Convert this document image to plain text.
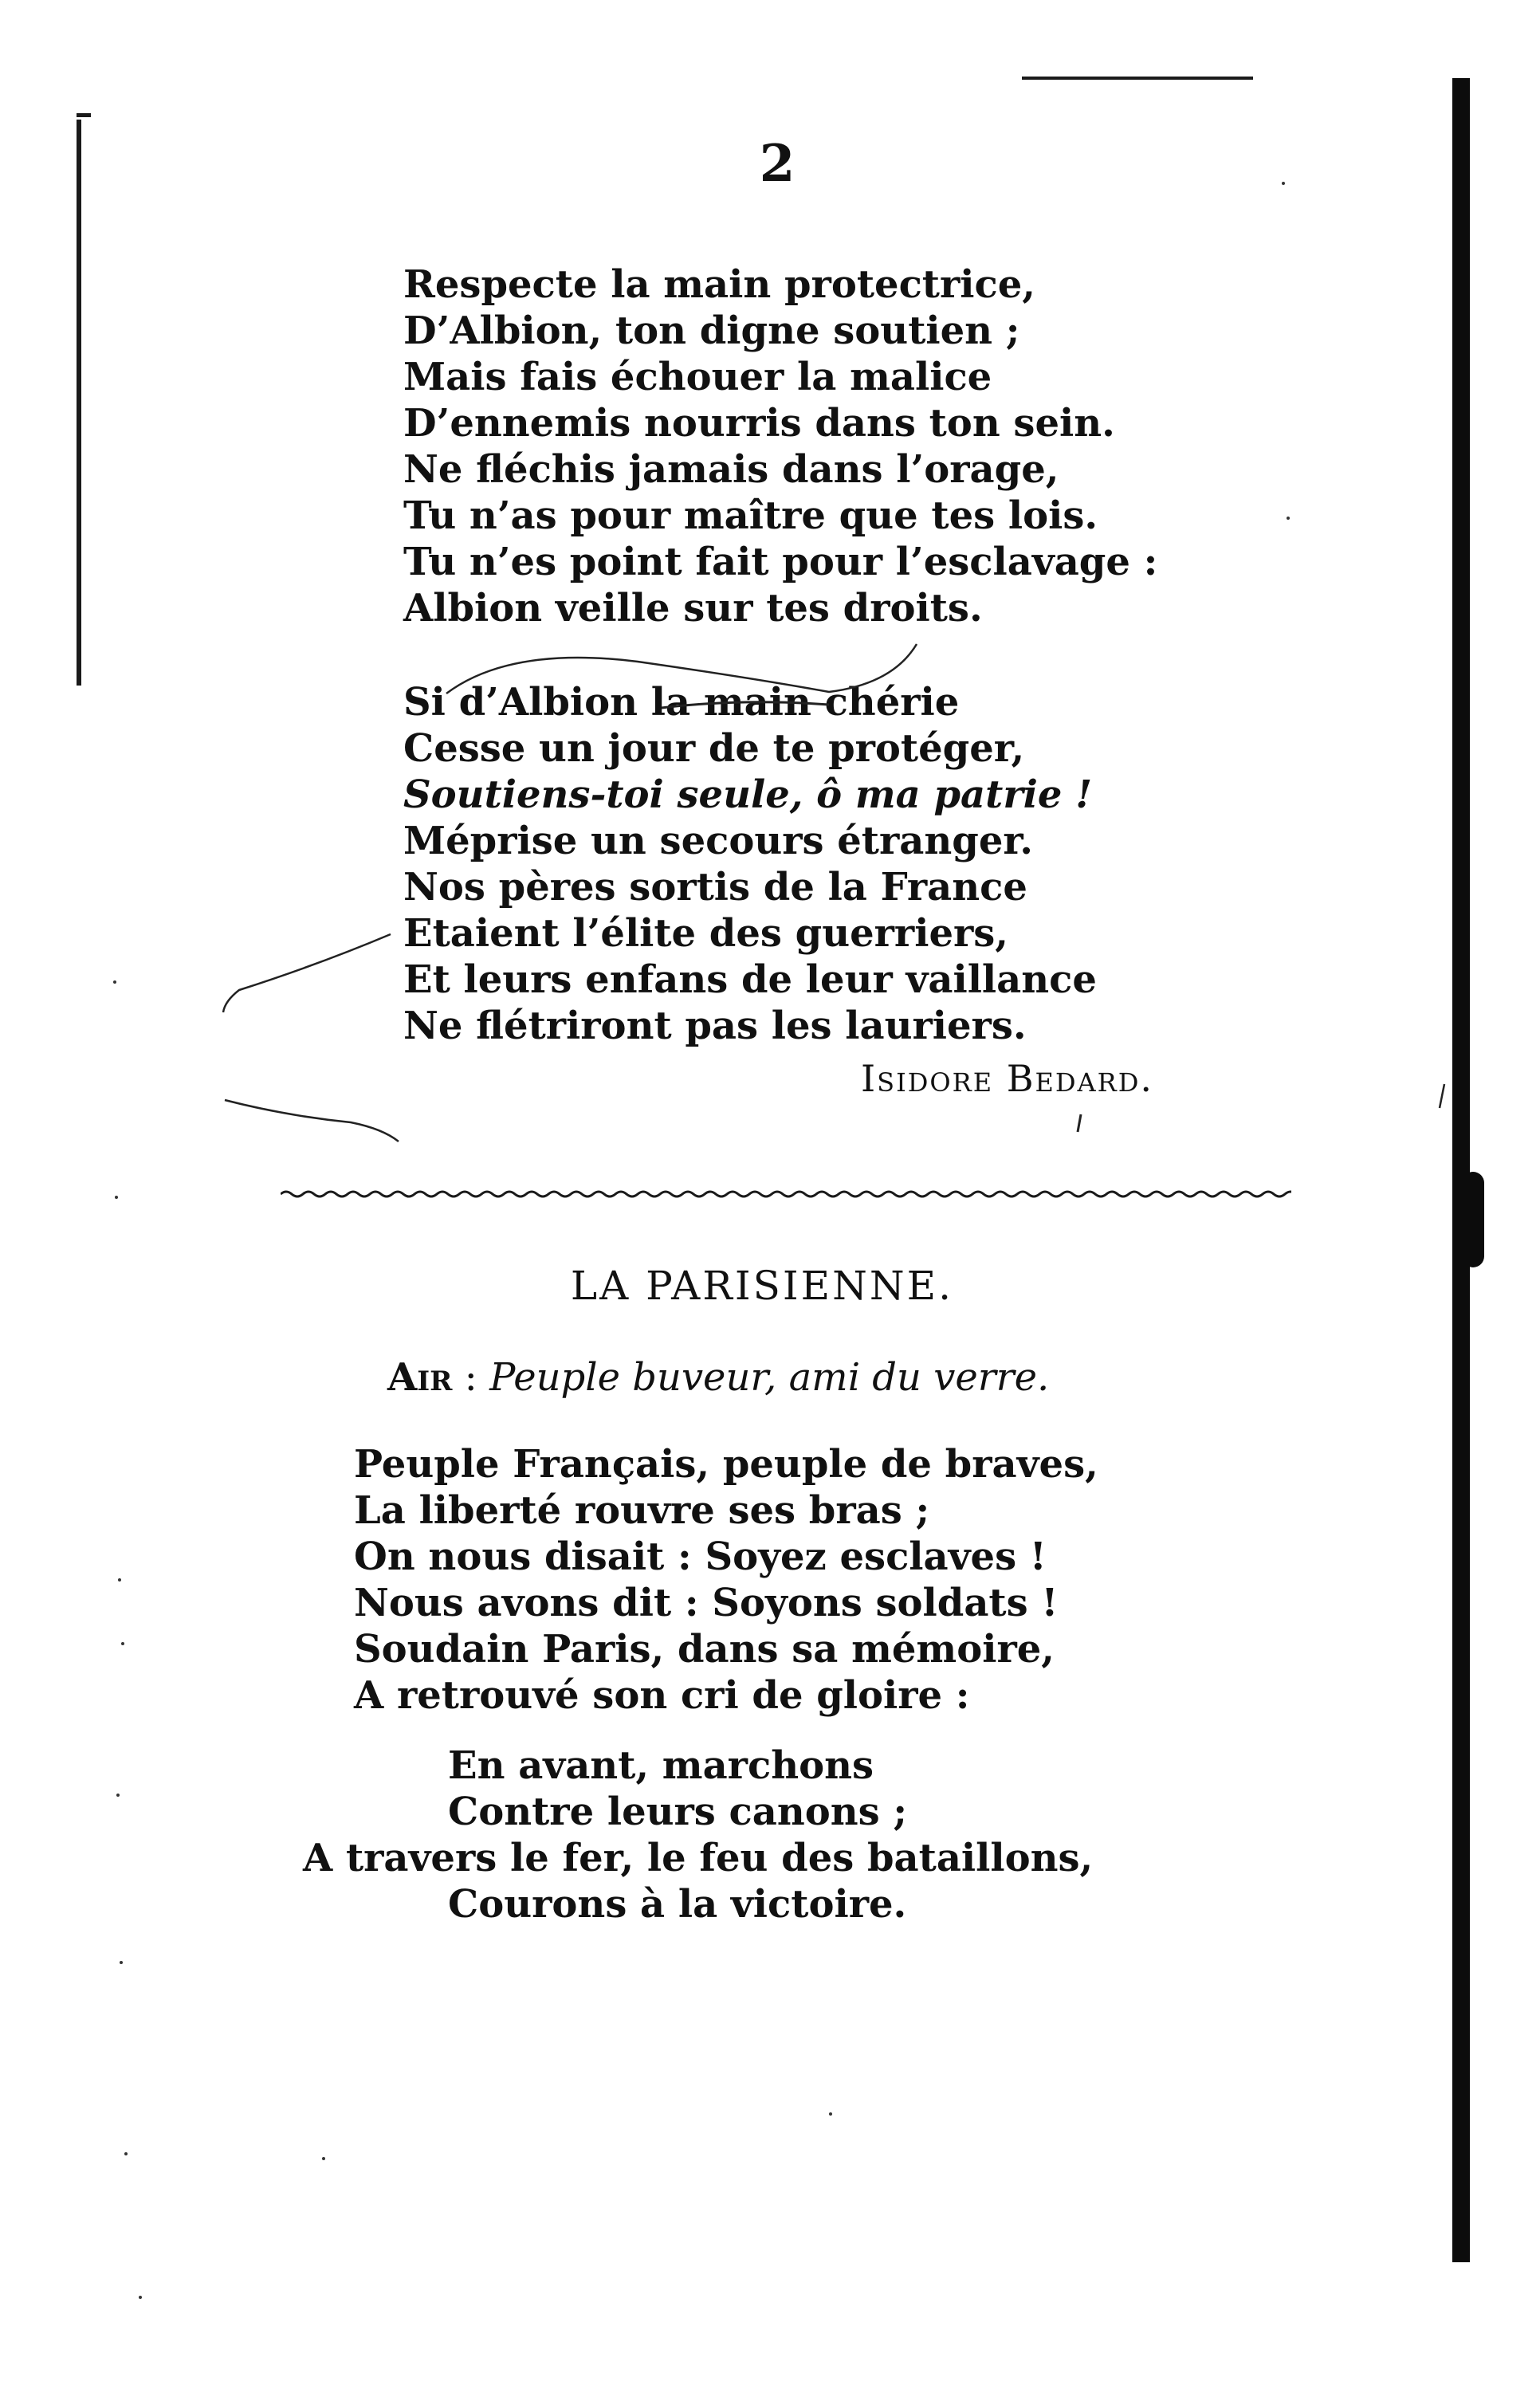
2
Respecte la main protectrice,
D’Albion, ton digne soutien ;
Mais fais échouer la malice
D’ennemis nourris dans ton sein.
Ne fléchis jamais dans l’orage,
Tu n’as pour maître que tes lois.
Tu n’es point fait pour l’esclavage :
Albion veille sur tes droits.
Si d’Albion la main chérie
Cesse un jour de te protéger,
Soutiens-toi seule, ô ma patrie !
Méprise un secours étranger.
Nos pères sortis de la France
Etaient l’élite des guerriers,
Et leurs enfans de leur vaillance
Ne flétriront pas les lauriers.
Isidore Bedard.
LA PARISIENNE.
Air : Peuple buveur, ami du verre.
Peuple Français, peuple de braves,
La liberté rouvre ses bras ;
On nous disait : Soyez esclaves !
Nous avons dit : Soyons soldats !
Soudain Paris, dans sa mémoire,
A retrouvé son cri de gloire :
En avant, marchons
Contre leurs canons ;
A travers le fer, le feu des bataillons,
Courons à la victoire.
